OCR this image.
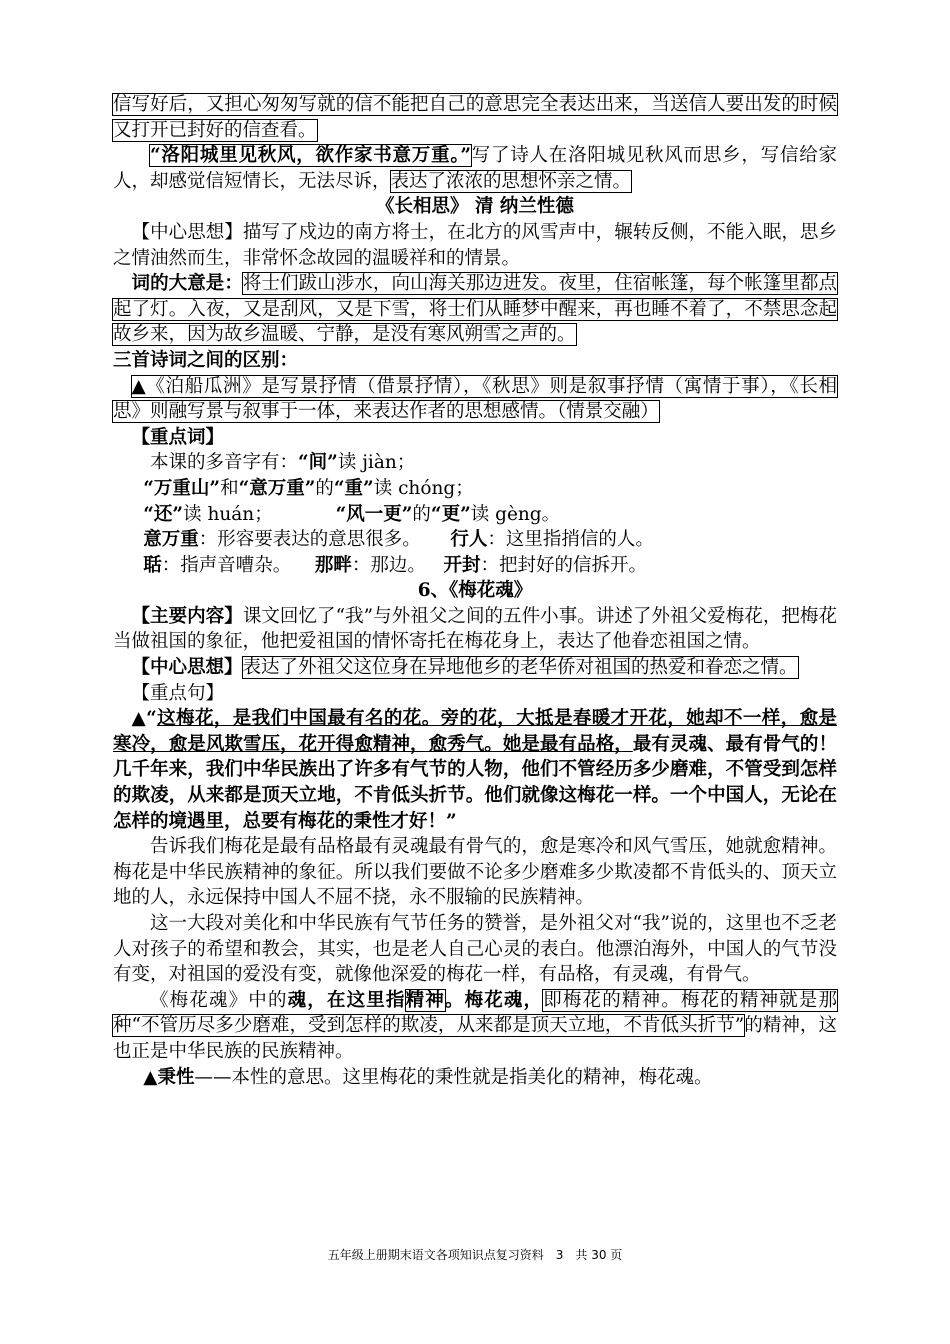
信写好后，又担心匆匆写就的信不能把自己的意思完全表达出来，当送信人要出发的时候又打开已封好的信查看。

“洛阳城里见秋风，欲作家书意万重。”写了诗人在洛阳城见秋风而思乡，写信给家人，却感觉信短情长，无法尽诉，表达了浓浓的思想怀亲之情。

《长相思》 清 纳兰性德

【中心思想】描写了戍边的南方将士，在北方的风雪声中，辗转反侧，不能入眠，思乡之情油然而生，非常怀念故园的温暖祥和的情景。

词的大意是：将士们跋山涉水，向山海关那边进发。夜里，住宿帐篷，每个帐篷里都点起了灯。入夜，又是刮风，又是下雪，将士们从睡梦中醒来，再也睡不着了，不禁思念起故乡来，因为故乡温暖、宁静，是没有寒风朔雪之声的。

三首诗词之间的区别：

▲《泊船瓜洲》是写景抒情（借景抒情），《秋思》则是叙事抒情（寓情于事），《长相思》则融写景与叙事于一体，来表达作者的思想感情。（情景交融）

【重点词】

本课的多音字有：“间”读 jiàn；

“万重山”和“意万重”的“重”读 chóng；

“还”读 huán；	“风一更”的“更”读 gèng。

意万重：形容要表达的意思很多。 行人：这里指捎信的人。

聒：指声音嘈杂。 那畔：那边。 开封：把封好的信拆开。

6、《梅花魂》

【主要内容】课文回忆了“我”与外祖父之间的五件小事。讲述了外祖父爱梅花，把梅花当做祖国的象征，他把爱祖国的情怀寄托在梅花身上，表达了他眷恋祖国之情。

【中心思想】表达了外祖父这位身在异地他乡的老华侨对祖国的热爱和眷恋之情。

【重点句】

▲“这梅花，是我们中国最有名的花。旁的花，大抵是春暖才开花，她却不一样，愈是寒冷，愈是风欺雪压，花开得愈精神，愈秀气。她是最有品格，最有灵魂、最有骨气的！几千年来，我们中华民族出了许多有气节的人物，他们不管经历多少磨难，不管受到怎样的欺凌，从来都是顶天立地，不肯低头折节。他们就像这梅花一样。一个中国人，无论在怎样的境遇里，总要有梅花的秉性才好！”

告诉我们梅花是最有品格最有灵魂最有骨气的，愈是寒冷和风气雪压，她就愈精神。梅花是中华民族精神的象征。所以我们要做不论多少磨难多少欺凌都不肯低头的、顶天立地的人，永远保持中国人不屈不挠，永不服输的民族精神。

这一大段对美化和中华民族有气节任务的赞誉，是外祖父对“我”说的，这里也不乏老人对孩子的希望和教会，其实，也是老人自己心灵的表白。他漂泊海外，中国人的气节没有变，对祖国的爱没有变，就像他深爱的梅花一样，有品格，有灵魂，有骨气。

《梅花魂》中的魂，在这里指精神。梅花魂，即梅花的精神。梅花的精神就是那种“不管历尽多少磨难，受到怎样的欺凌，从来都是顶天立地，不肯低头折节”的精神，这也正是中华民族的民族精神。

▲秉性——本性的意思。这里梅花的秉性就是指美化的精神，梅花魂。

五年级上册期末语文各项知识点复习资料 3 共 30 页
